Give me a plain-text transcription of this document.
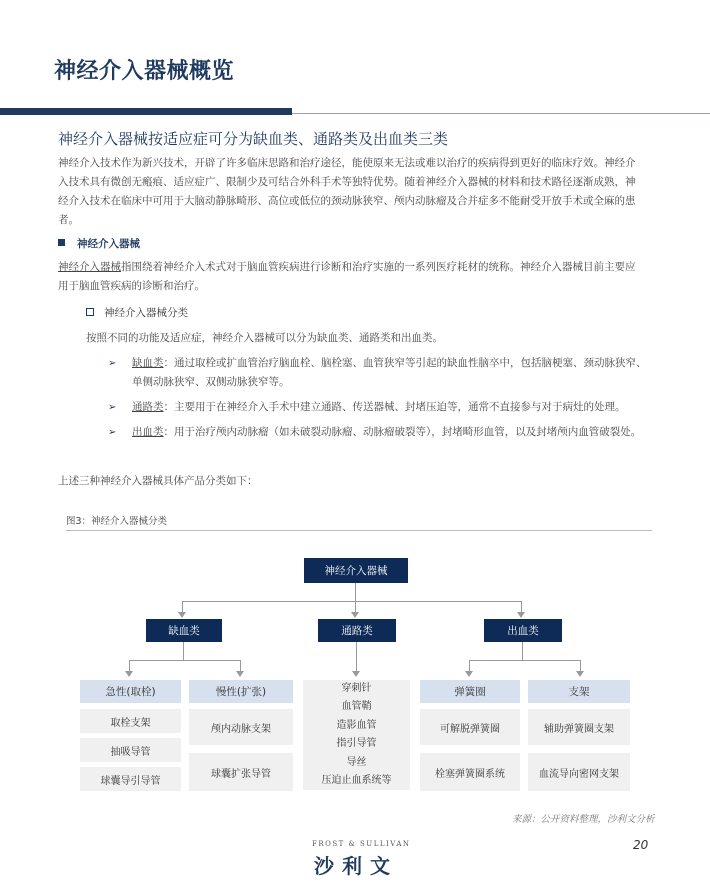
神经介入器械概览
神经介入器械按适应症可分为缺血类、通路类及出血类三类
神经介入技术作为新兴技术，开辟了许多临床思路和治疗途径，能使原来无法或难以治疗的疾病得到更好的临床疗效。神经介
入技术具有微创无瘢痕、适应症广、限制少及可结合外科手术等独特优势。随着神经介入器械的材料和技术路径逐渐成熟，神
经介入技术在临床中可用于大脑动静脉畸形、高位或低位的颈动脉狭窄、颅内动脉瘤及合并症多不能耐受开放手术或全麻的患
者。
神经介入器械
神经介入器械指围绕着神经介入术式对于脑血管疾病进行诊断和治疗实施的一系列医疗耗材的统称。神经介入器械目前主要应
用于脑血管疾病的诊断和治疗。
神经介入器械分类
按照不同的功能及适应症，神经介入器械可以分为缺血类、通路类和出血类。
➢ 缺血类：通过取栓或扩血管治疗脑血栓、脑栓塞、血管狭窄等引起的缺血性脑卒中，包括脑梗塞、颈动脉狭窄、
单侧动脉狭窄、双侧动脉狭窄等。
➢ 通路类：主要用于在神经介入手术中建立通路、传送器械、封堵压迫等，通常不直接参与对于病灶的处理。
➢ 出血类：用于治疗颅内动脉瘤（如未破裂动脉瘤、动脉瘤破裂等），封堵畸形血管，以及封堵颅内血管破裂处。
上述三种神经介入器械具体产品分类如下：
图3：神经介入器械分类
神经介入器械
缺血类	通路类	出血类
急性(取栓)	慢性(扩张)	弹簧圈	支架
穿刺针
血管鞘
造影血管
指引导管
导丝
压迫止血系统等
取栓支架
抽吸导管
球囊导引导管
颅内动脉支架
球囊扩张导管
可解脱弹簧圈
栓塞弹簧圈系统
辅助弹簧圈支架
血流导向密网支架
来源：公开资料整理，沙利文分析
FROST & SULLIVAN
沙利文
20
